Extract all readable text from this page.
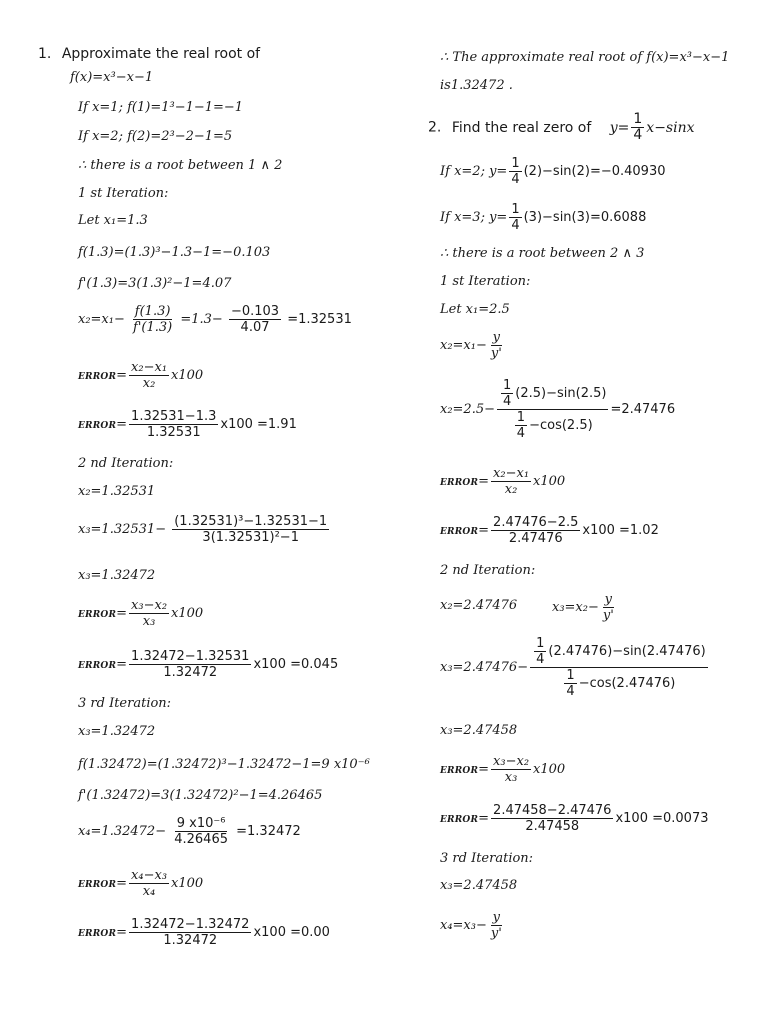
1. Approximate the real root of
f(x)=x³−x−1
If x=1; f(1)=1³−1−1=−1
If x=2; f(2)=2³−2−1=5
∴ there is a root between 1 ∧ 2
1 st Iteration:
Let x₁=1.3
f(1.3)=(1.3)³−1.3−1=−0.103
f'(1.3)=3(1.3)²−1=4.07
$x_2=x_1- \frac{f(1.3)}{f'(1.3)} =1.3- \frac{-0.103}{4.07} =1.32531$
ERROR= $\frac{\text{x₂−x₁}}{\text{x₂}} x100$
ERROR= $\frac{1.32531-1.3}{1.32531} x100 =1.91$
2 nd Iteration:
x₂=1.32531
$x_3=1.32531- \frac{\text{(1.32531)³−1.32531−1}}{\text{3(1.32531)²−1}}$
x₃=1.32472
ERROR= $\frac{\text{x₃−x₂}}{\text{x₃}} x100$
ERROR= $\frac{1.32472-1.32531}{1.32472} x100 =0.045$
3 rd Iteration:
x₃=1.32472
f(1.32472)=(1.32472)³−1.32472−1=9 x10⁻⁶
f'(1.32472)=3(1.32472)²−1=4.26465
$x_4=1.32472- \frac{\text{9 x10⁻⁶}}{4.26465} =1.32472$
ERROR= $\frac{\text{x₄−x₃}}{\text{x₄}} x100$
ERROR= $\frac{1.32472-1.32472}{1.32472} x100 =0.00$
∴ The approximate real root of f(x)=x³−x−1
is1.32472 .
2. Find the real zero of $y= \frac{1}{4} x-\sin x$
If x=2; $y= \frac{1}{4} (2)-\sin(2)=-0.40930$
If x=3; $y= \frac{1}{4} (3)-\sin(3)=0.6088$
∴ there is a root between 2 ∧ 3
1 st Iteration:
Let x₁=2.5
$x_2=x_1- \frac{y}{y'}$
$x_2=2.5- \frac{\frac{1}{4} (2.5)-\sin(2.5)}{\frac{1}{4} -\cos(2.5)} =2.47476$
ERROR= $\frac{\text{x₂−x₁}}{\text{x₂}} x100$
ERROR= $\frac{2.47476-2.5}{2.47476} x100 =1.02$
2 nd Iteration:
x₂=2.47476	$x_3=x_2- \frac{y}{y'}$
$x_3=2.47476- \frac{\frac{1}{4} (2.47476)-\sin(2.47476)}{\frac{1}{4} -\cos(2.47476)}$
x₃=2.47458
ERROR= $\frac{\text{x₃−x₂}}{\text{x₃}} x100$
ERROR= $\frac{2.47458-2.47476}{2.47458} x100 =0.0073$
3 rd Iteration:
x₃=2.47458
$x_4=x_3- \frac{y}{y'}$
